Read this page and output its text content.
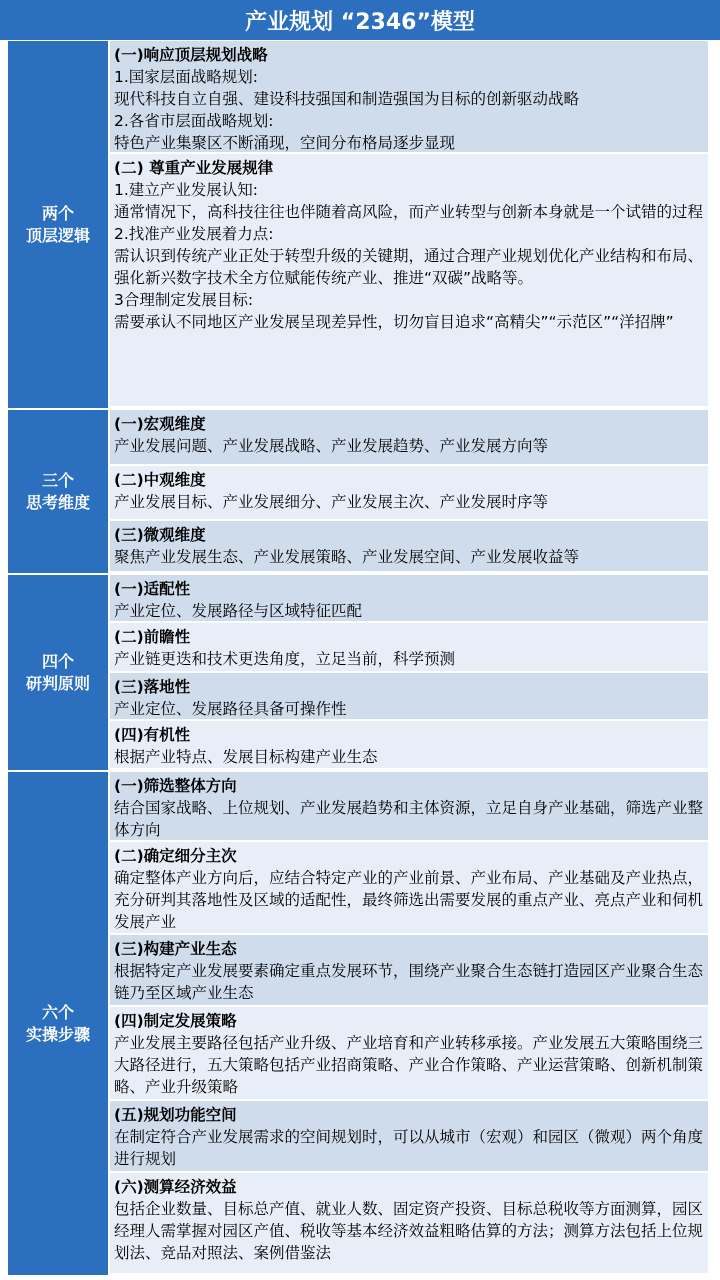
产业规划 “2346”模型
两个
顶层逻辑
(一)响应顶层规划战略
1.国家层面战略规划:
现代科技自立自强、建设科技强国和制造强国为目标的创新驱动战略
2.各省市层面战略规划:
特色产业集聚区不断涌现，空间分布格局逐步显现
(二) 尊重产业发展规律
1.建立产业发展认知:
通常情况下，高科技往往也伴随着高风险，而产业转型与创新本身就是一个试错的过程
2.找准产业发展着力点:
需认识到传统产业正处于转型升级的关键期，通过合理产业规划优化产业结构和布局、强化新兴数字技术全方位赋能传统产业、推进“双碳”战略等。
3合理制定发展目标:
需要承认不同地区产业发展呈现差异性，切勿盲目追求“高精尖”“示范区”“洋招牌”
三个
思考维度
(一)宏观维度
产业发展问题、产业发展战略、产业发展趋势、产业发展方向等
(二)中观维度
产业发展目标、产业发展细分、产业发展主次、产业发展时序等
(三)微观维度
聚焦产业发展生态、产业发展策略、产业发展空间、产业发展收益等
四个
研判原则
(一)适配性
产业定位、发展路径与区域特征匹配
(二)前瞻性
产业链更迭和技术更迭角度，立足当前，科学预测
(三)落地性
产业定位、发展路径具备可操作性
(四)有机性
根据产业特点、发展目标构建产业生态
六个
实操步骤
(一)筛选整体方向
结合国家战略、上位规划、产业发展趋势和主体资源，立足自身产业基础，筛选产业整体方向
(二)确定细分主次
确定整体产业方向后，应结合特定产业的产业前景、产业布局、产业基础及产业热点，充分研判其落地性及区域的适配性，最终筛选出需要发展的重点产业、亮点产业和伺机发展产业
(三)构建产业生态
根据特定产业发展要素确定重点发展环节，围绕产业聚合生态链打造园区产业聚合生态链乃至区域产业生态
(四)制定发展策略
产业发展主要路径包括产业升级、产业培育和产业转移承接。产业发展五大策略围绕三大路径进行，五大策略包括产业招商策略、产业合作策略、产业运营策略、创新机制策略、产业升级策略
(五)规划功能空间
在制定符合产业发展需求的空间规划时，可以从城市（宏观）和园区（微观）两个角度进行规划
(六)测算经济效益
包括企业数量、目标总产值、就业人数、固定资产投资、目标总税收等方面测算，园区经理人需掌握对园区产值、税收等基本经济效益粗略估算的方法；测算方法包括上位规划法、竞品对照法、案例借鉴法
